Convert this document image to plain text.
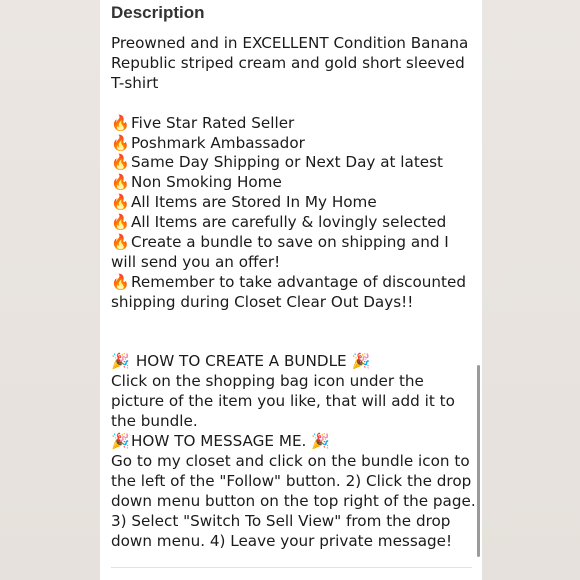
Description
Preowned and in EXCELLENT Condition Banana
Republic striped cream and gold short sleeved
T-shirt
🔥Five Star Rated Seller
🔥Poshmark Ambassador
🔥Same Day Shipping or Next Day at latest
🔥Non Smoking Home
🔥All Items are Stored In My Home
🔥All Items are carefully & lovingly selected
🔥Create a bundle to save on shipping and I
will send you an offer!
🔥Remember to take advantage of discounted
shipping during Closet Clear Out Days!!
🎉 HOW TO CREATE A BUNDLE 🎉
Click on the shopping bag icon under the
picture of the item you like, that will add it to
the bundle.
🎉HOW TO MESSAGE ME. 🎉
Go to my closet and click on the bundle icon to
the left of the "Follow" button. 2) Click the drop
down menu button on the top right of the page.
3) Select "Switch To Sell View" from the drop
down menu. 4) Leave your private message!
